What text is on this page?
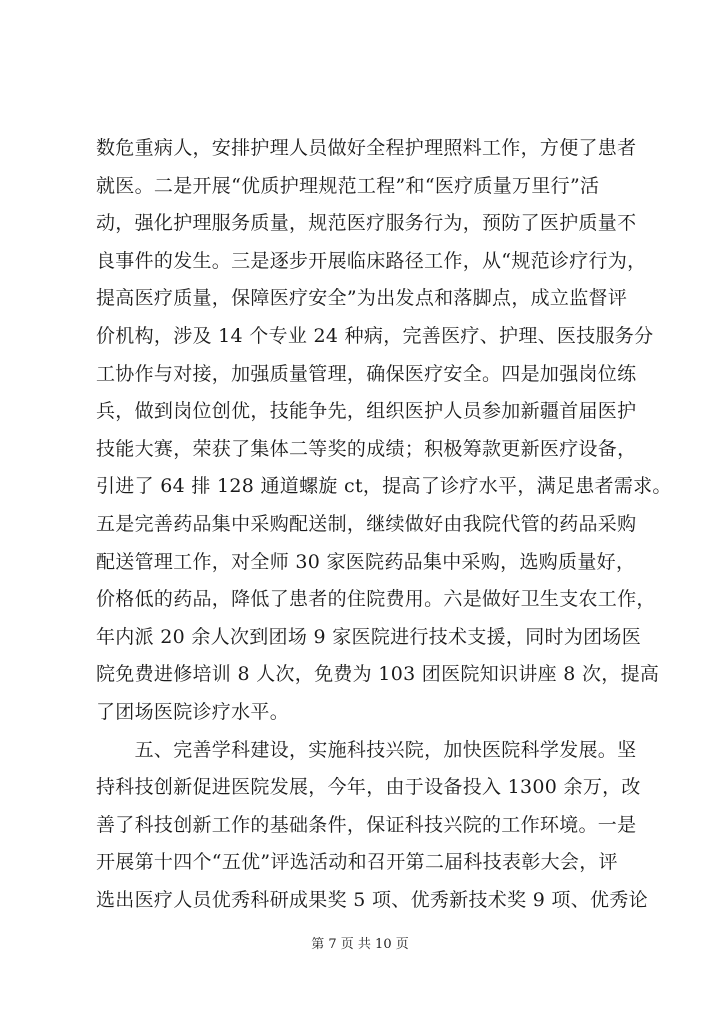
数危重病人，安排护理人员做好全程护理照料工作，方便了患者
就医。二是开展“优质护理规范工程”和“医疗质量万里行”活
动，强化护理服务质量，规范医疗服务行为，预防了医护质量不
良事件的发生。三是逐步开展临床路径工作，从“规范诊疗行为，
提高医疗质量，保障医疗安全”为出发点和落脚点，成立监督评
价机构，涉及 14 个专业 24 种病，完善医疗、护理、医技服务分
工协作与对接，加强质量管理，确保医疗安全。四是加强岗位练
兵，做到岗位创优，技能争先，组织医护人员参加新疆首届医护
技能大赛，荣获了集体二等奖的成绩；积极筹款更新医疗设备，
引进了 64 排 128 通道螺旋 ct，提高了诊疗水平，满足患者需求。
五是完善药品集中采购配送制，继续做好由我院代管的药品采购
配送管理工作，对全师 30 家医院药品集中采购，选购质量好，
价格低的药品，降低了患者的住院费用。六是做好卫生支农工作，
年内派 20 余人次到团场 9 家医院进行技术支援，同时为团场医
院免费进修培训 8 人次，免费为 103 团医院知识讲座 8 次，提高
了团场医院诊疗水平。
　　五、完善学科建设，实施科技兴院，加快医院科学发展。坚
持科技创新促进医院发展，今年，由于设备投入 1300 余万，改
善了科技创新工作的基础条件，保证科技兴院的工作环境。一是
开展第十四个“五优”评选活动和召开第二届科技表彰大会，评
选出医疗人员优秀科研成果奖 5 项、优秀新技术奖 9 项、优秀论
第 7 页 共 10 页
